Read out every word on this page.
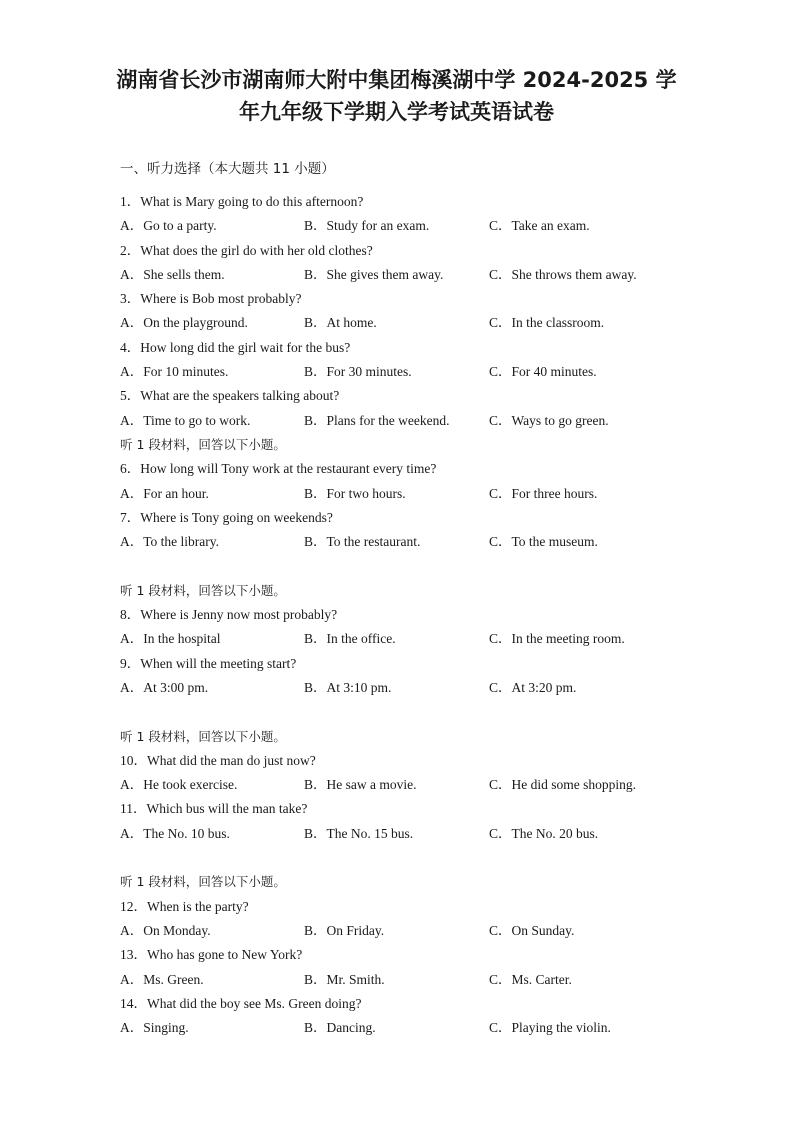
湖南省长沙市湖南师大附中集团梅溪湖中学 2024-2025 学
年九年级下学期入学考试英语试卷
一、听力选择（本大题共 11 小题）
1．What is Mary going to do this afternoon?
A．Go to a party.	B．Study for an exam.	C．Take an exam.
2．What does the girl do with her old clothes?
A．She sells them.	B．She gives them away.	C．She throws them away.
3．Where is Bob most probably?
A．On the playground.	B．At home.	C．In the classroom.
4．How long did the girl wait for the bus?
A．For 10 minutes.	B．For 30 minutes.	C．For 40 minutes.
5．What are the speakers talking about?
A．Time to go to work.	B．Plans for the weekend.	C．Ways to go green.
听 1 段材料，回答以下小题。
6．How long will Tony work at the restaurant every time?
A．For an hour.	B．For two hours.	C．For three hours.
7．Where is Tony going on weekends?
A．To the library.	B．To the restaurant.	C．To the museum.
听 1 段材料，回答以下小题。
8．Where is Jenny now most probably?
A．In the hospital	B．In the office.	C．In the meeting room.
9．When will the meeting start?
A．At 3:00 pm.	B．At 3:10 pm.	C．At 3:20 pm.
听 1 段材料，回答以下小题。
10．What did the man do just now?
A．He took exercise.	B．He saw a movie.	C．He did some shopping.
11．Which bus will the man take?
A．The No. 10 bus.	B．The No. 15 bus.	C．The No. 20 bus.
听 1 段材料，回答以下小题。
12．When is the party?
A．On Monday.	B．On Friday.	C．On Sunday.
13．Who has gone to New York?
A．Ms. Green.	B．Mr. Smith.	C．Ms. Carter.
14．What did the boy see Ms. Green doing?
A．Singing.	B．Dancing.	C．Playing the violin.
